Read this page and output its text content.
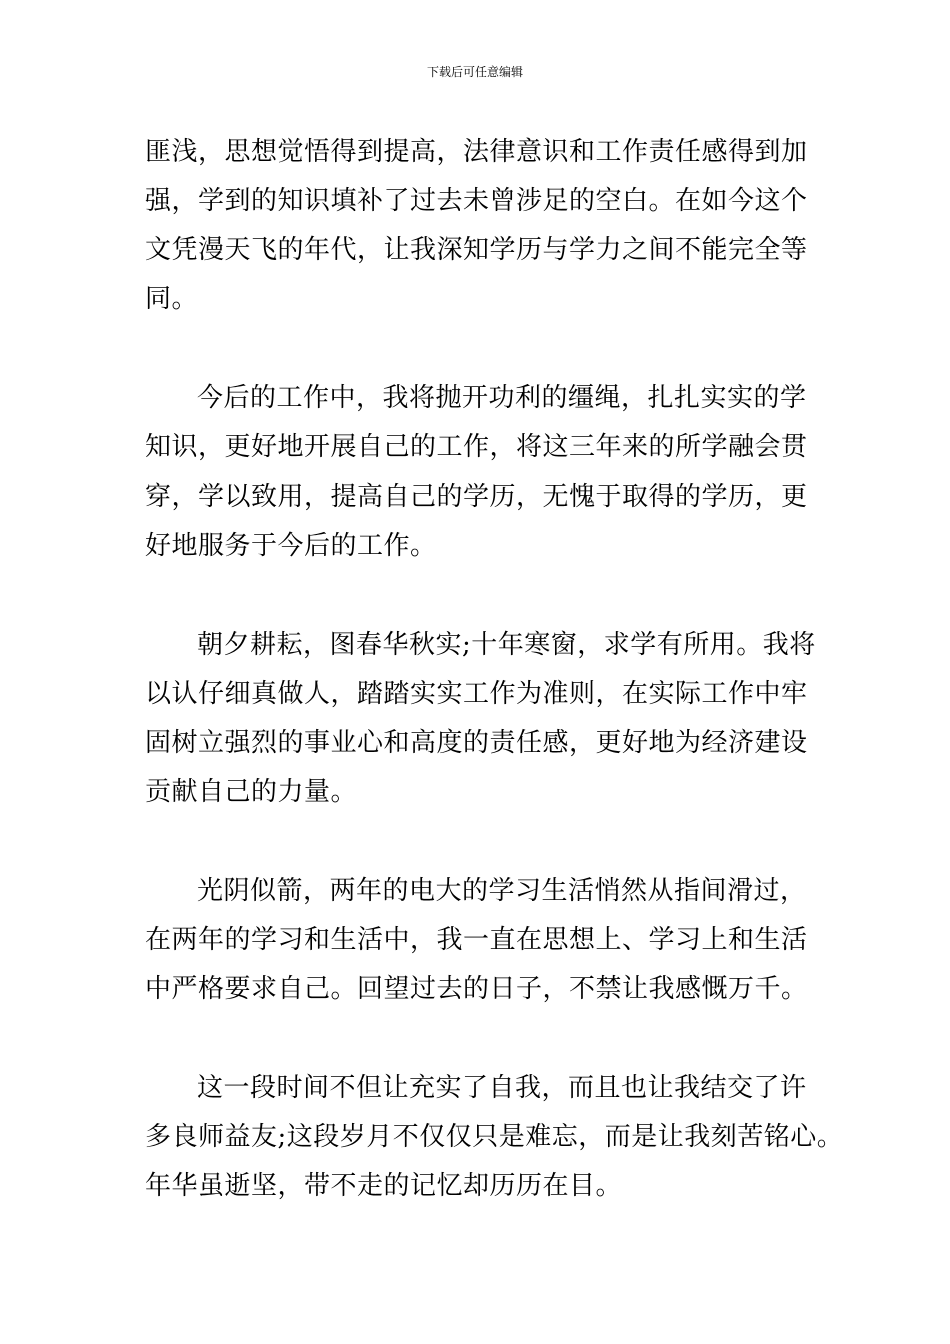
下载后可任意编辑
匪浅，思想觉悟得到提高，法律意识和工作责任感得到加
强，学到的知识填补了过去未曾涉足的空白。在如今这个
文凭漫天飞的年代，让我深知学历与学力之间不能完全等
同。
今后的工作中，我将抛开功利的缰绳，扎扎实实的学
知识，更好地开展自己的工作，将这三年来的所学融会贯
穿，学以致用，提高自己的学历，无愧于取得的学历，更
好地服务于今后的工作。
朝夕耕耘，图春华秋实;十年寒窗，求学有所用。我将
以认仔细真做人，踏踏实实工作为准则，在实际工作中牢
固树立强烈的事业心和高度的责任感，更好地为经济建设
贡献自己的力量。
光阴似箭，两年的电大的学习生活悄然从指间滑过，
在两年的学习和生活中，我一直在思想上、学习上和生活
中严格要求自己。回望过去的日子，不禁让我感慨万千。
这一段时间不但让充实了自我，而且也让我结交了许
多良师益友;这段岁月不仅仅只是难忘，而是让我刻苦铭心。
年华虽逝坚，带不走的记忆却历历在目。
